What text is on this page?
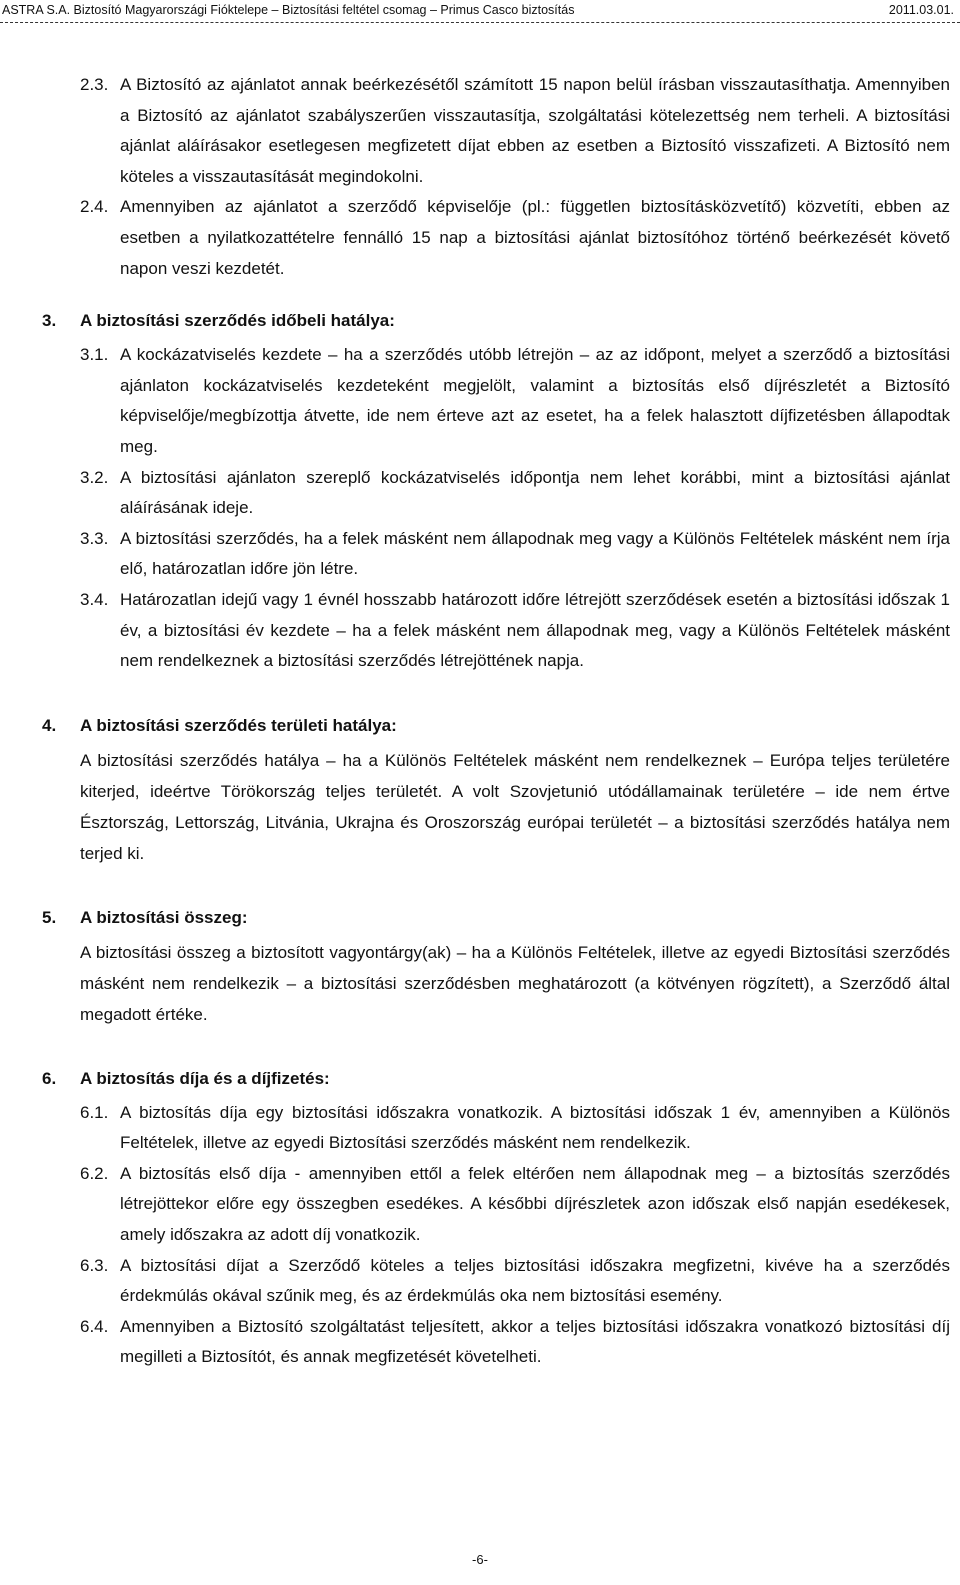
ASTRA S.A. Biztosító Magyarországi Fióktelepe – Biztosítási feltétel csomag – Primus Casco biztosítás	2011.03.01.
2.3. A Biztosító az ajánlatot annak beérkezésétől számított 15 napon belül írásban visszautasíthatja. Amennyiben a Biztosító az ajánlatot szabályszerűen visszautasítja, szolgáltatási kötelezettség nem terheli. A biztosítási ajánlat aláírásakor esetlegesen megfizetett díjat ebben az esetben a Biztosító visszafizeti. A Biztosító nem köteles a visszautasítását megindokolni.
2.4. Amennyiben az ajánlatot a szerződő képviselője (pl.: független biztosításközvetítő) közvetíti, ebben az esetben a nyilatkozattételre fennálló 15 nap a biztosítási ajánlat biztosítóhoz történő beérkezését követő napon veszi kezdetét.
3. A biztosítási szerződés időbeli hatálya:
3.1. A kockázatviselés kezdete – ha a szerződés utóbb létrejön – az az időpont, melyet a szerződő a biztosítási ajánlaton kockázatviselés kezdeteként megjelölt, valamint a biztosítás első díjrészletét a Biztosító képviselője/megbízottja átvette, ide nem érteve azt az esetet, ha a felek halasztott díjfizetésben állapodtak meg.
3.2. A biztosítási ajánlaton szereplő kockázatviselés időpontja nem lehet korábbi, mint a biztosítási ajánlat aláírásának ideje.
3.3. A biztosítási szerződés, ha a felek másként nem állapodnak meg vagy a Különös Feltételek másként nem írja elő, határozatlan időre jön létre.
3.4. Határozatlan idejű vagy 1 évnél hosszabb határozott időre létrejött szerződések esetén a biztosítási időszak 1 év, a biztosítási év kezdete – ha a felek másként nem állapodnak meg, vagy a Különös Feltételek másként nem rendelkeznek a biztosítási szerződés létrejöttének napja.
4. A biztosítási szerződés területi hatálya:
A biztosítási szerződés hatálya – ha a Különös Feltételek másként nem rendelkeznek – Európa teljes területére kiterjed, ideértve Törökország teljes területét. A volt Szovjetunió utódállamainak területére – ide nem értve Észtország, Lettország, Litvánia, Ukrajna és Oroszország európai területét – a biztosítási szerződés hatálya nem terjed ki.
5. A biztosítási összeg:
A biztosítási összeg a biztosított vagyontárgy(ak) – ha a Különös Feltételek, illetve az egyedi Biztosítási szerződés másként nem rendelkezik – a biztosítási szerződésben meghatározott (a kötvényen rögzített), a Szerződő által megadott értéke.
6. A biztosítás díja és a díjfizetés:
6.1. A biztosítás díja egy biztosítási időszakra vonatkozik. A biztosítási időszak 1 év, amennyiben a Különös Feltételek, illetve az egyedi Biztosítási szerződés másként nem rendelkezik.
6.2. A biztosítás első díja - amennyiben ettől a felek eltérően nem állapodnak meg – a biztosítás szerződés létrejöttekor előre egy összegben esedékes. A későbbi díjrészletek azon időszak első napján esedékesek, amely időszakra az adott díj vonatkozik.
6.3. A biztosítási díjat a Szerződő köteles a teljes biztosítási időszakra megfizetni, kivéve ha a szerződés érdekmúlás okával szűnik meg, és az érdekmúlás oka nem biztosítási esemény.
6.4. Amennyiben a Biztosító szolgáltatást teljesített, akkor a teljes biztosítási időszakra vonatkozó biztosítási díj megilleti a Biztosítót, és annak megfizetését követelheti.
-6-
